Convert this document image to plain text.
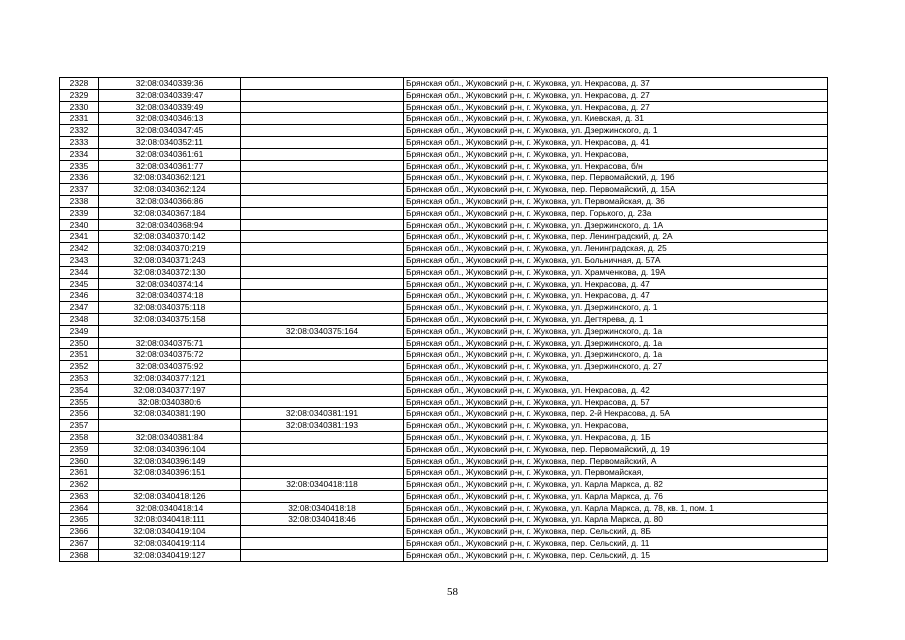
2328	32:08:0340339:36		Брянская обл., Жуковский р-н, г. Жуковка, ул. Некрасова, д. 37
2329	32:08:0340339:47		Брянская обл., Жуковский р-н, г. Жуковка, ул. Некрасова, д. 27
2330	32:08:0340339:49		Брянская обл., Жуковский р-н, г. Жуковка, ул. Некрасова, д. 27
2331	32:08:0340346:13		Брянская обл., Жуковский р-н, г. Жуковка, ул. Киевская, д. 31
2332	32:08:0340347:45		Брянская обл., Жуковский р-н, г. Жуковка, ул. Дзержинского, д. 1
2333	32:08:0340352:11		Брянская обл., Жуковский р-н, г. Жуковка, ул. Некрасова, д. 41
2334	32:08:0340361:61		Брянская обл., Жуковский р-н, г. Жуковка, ул. Некрасова,
2335	32:08:0340361:77		Брянская обл., Жуковский р-н, г. Жуковка, ул. Некрасова, б/н
2336	32:08:0340362:121		Брянская обл., Жуковский р-н, г. Жуковка, пер. Первомайский, д. 19б
2337	32:08:0340362:124		Брянская обл., Жуковский р-н, г. Жуковка, пер. Первомайский, д. 15А
2338	32:08:0340366:86		Брянская обл., Жуковский р-н, г. Жуковка, ул. Первомайская, д. 36
2339	32:08:0340367:184		Брянская обл., Жуковский р-н, г. Жуковка, пер. Горького, д. 23а
2340	32:08:0340368:94		Брянская обл., Жуковский р-н, г. Жуковка, ул. Дзержинского, д. 1А
2341	32:08:0340370:142		Брянская обл., Жуковский р-н, г. Жуковка, пер. Ленинградский, д. 2А
2342	32:08:0340370:219		Брянская обл., Жуковский р-н, г. Жуковка, ул. Ленинградская, д. 25
2343	32:08:0340371:243		Брянская обл., Жуковский р-н, г. Жуковка, ул. Больничная, д. 57А
2344	32:08:0340372:130		Брянская обл., Жуковский р-н, г. Жуковка, ул. Храмченкова, д. 19А
2345	32:08:0340374:14		Брянская обл., Жуковский р-н, г. Жуковка, ул. Некрасова, д. 47
2346	32:08:0340374:18		Брянская обл., Жуковский р-н, г. Жуковка, ул. Некрасова, д. 47
2347	32:08:0340375:118		Брянская обл., Жуковский р-н, г. Жуковка, ул. Дзержинского, д. 1
2348	32:08:0340375:158		Брянская обл., Жуковский р-н, г. Жуковка, ул. Дегтярева, д. 1
2349		32:08:0340375:164	Брянская обл., Жуковский р-н, г. Жуковка, ул. Дзержинского, д. 1а
2350	32:08:0340375:71		Брянская обл., Жуковский р-н, г. Жуковка, ул. Дзержинского, д. 1а
2351	32:08:0340375:72		Брянская обл., Жуковский р-н, г. Жуковка, ул. Дзержинского, д. 1а
2352	32:08:0340375:92		Брянская обл., Жуковский р-н, г. Жуковка, ул. Дзержинского, д. 27
2353	32:08:0340377:121		Брянская обл., Жуковский р-н, г. Жуковка,
2354	32:08:0340377:197		Брянская обл., Жуковский р-н, г. Жуковка, ул. Некрасова, д. 42
2355	32:08:0340380:6		Брянская обл., Жуковский р-н, г. Жуковка, ул. Некрасова, д. 57
2356	32:08:0340381:190	32:08:0340381:191	Брянская обл., Жуковский р-н, г. Жуковка, пер. 2-й Некрасова, д. 5А
2357		32:08:0340381:193	Брянская обл., Жуковский р-н, г. Жуковка, ул. Некрасова,
2358	32:08:0340381:84		Брянская обл., Жуковский р-н, г. Жуковка, ул. Некрасова, д. 1Б
2359	32:08:0340396:104		Брянская обл., Жуковский р-н, г. Жуковка, пер. Первомайский, д. 19
2360	32:08:0340396:149		Брянская обл., Жуковский р-н, г. Жуковка, пер. Первомайский, А
2361	32:08:0340396:151		Брянская обл., Жуковский р-н, г. Жуковка, ул. Первомайская,
2362		32:08:0340418:118	Брянская обл., Жуковский р-н, г. Жуковка, ул. Карла Маркса, д. 82
2363	32:08:0340418:126		Брянская обл., Жуковский р-н, г. Жуковка, ул. Карла Маркса, д. 76
2364	32:08:0340418:14	32:08:0340418:18	Брянская обл., Жуковский р-н, г. Жуковка, ул. Карла Маркса, д. 78, кв. 1, пом. 1
2365	32:08:0340418:111	32:08:0340418:46	Брянская обл., Жуковский р-н, г. Жуковка, ул. Карла Маркса, д. 80
2366	32:08:0340419:104		Брянская обл., Жуковский р-н, г. Жуковка, пер. Сельский, д. 8Б
2367	32:08:0340419:114		Брянская обл., Жуковский р-н, г. Жуковка, пер. Сельский, д. 11
2368	32:08:0340419:127		Брянская обл., Жуковский р-н, г. Жуковка, пер. Сельский, д. 15
58
